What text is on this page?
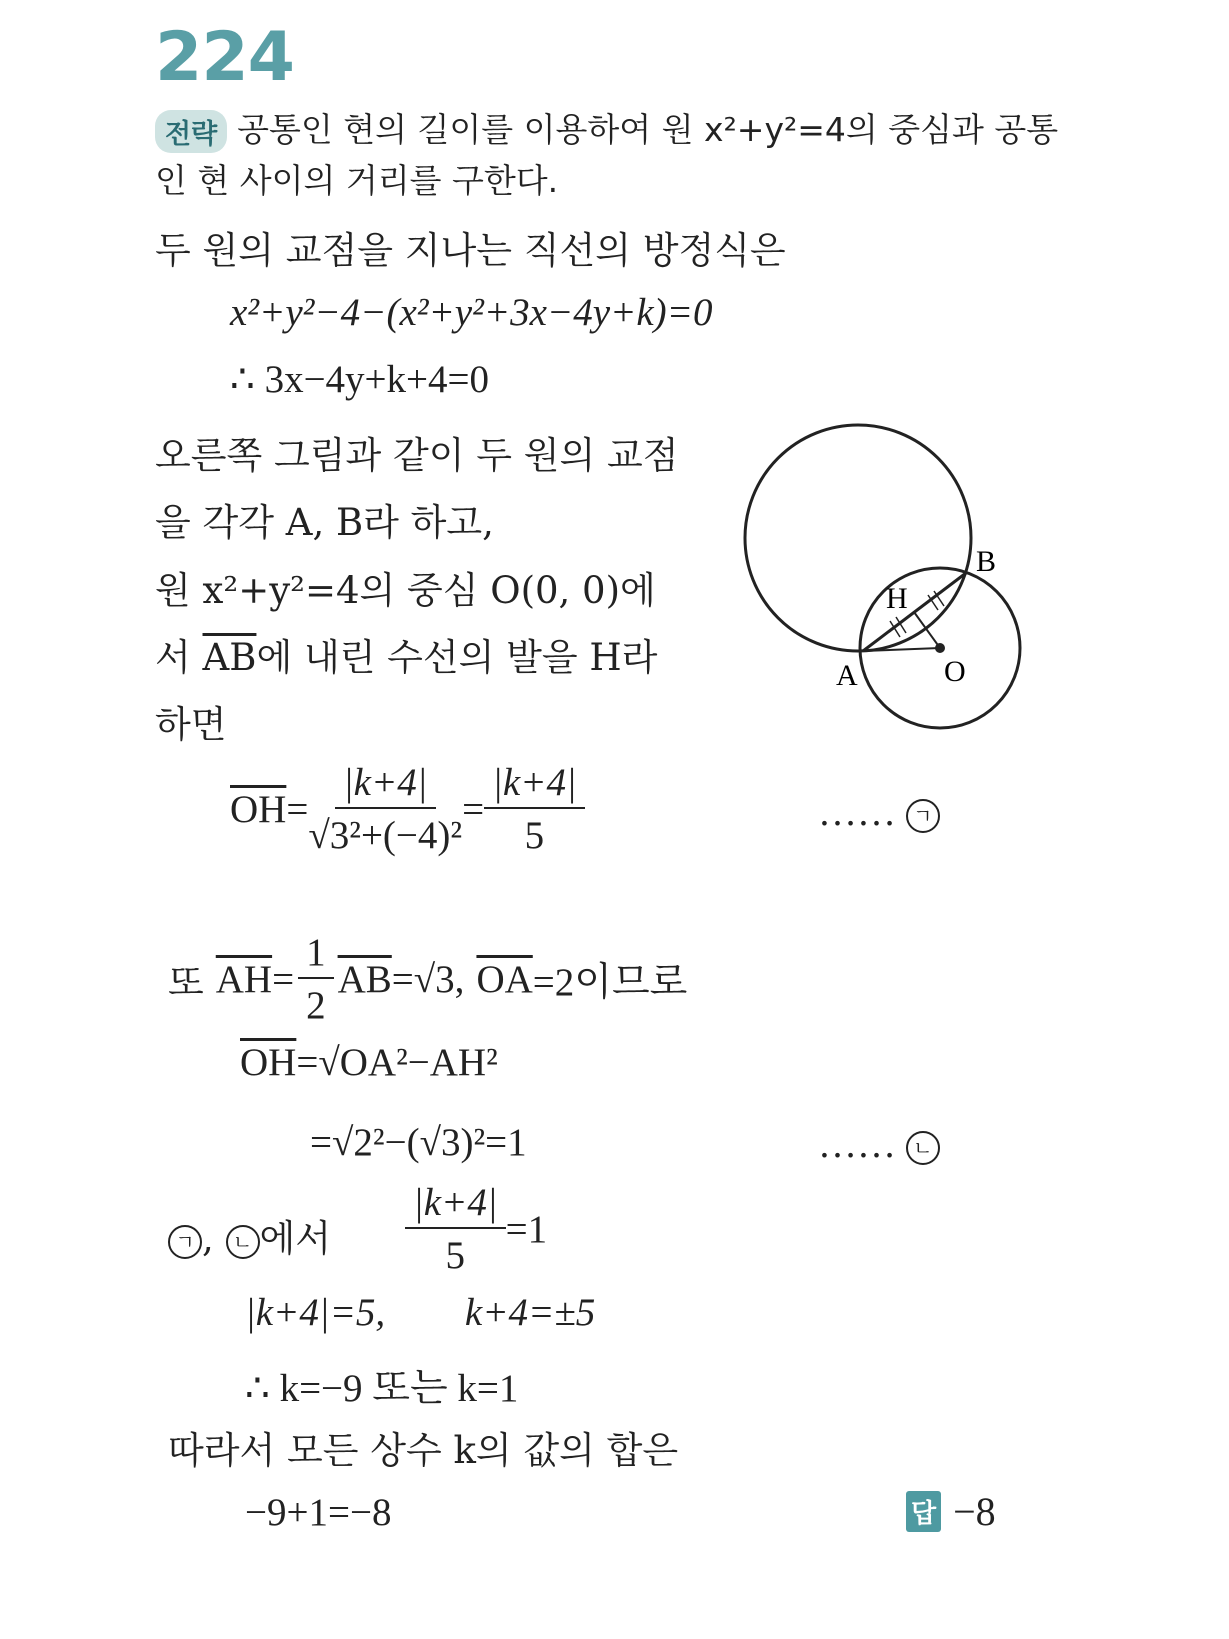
224
전략 공통인 현의 길이를 이용하여 원 x²+y²=4의 중심과 공통
인 현 사이의 거리를 구한다.
두 원의 교점을 지나는 직선의 방정식은
x²+y²−4−(x²+y²+3x−4y+k)=0
∴ 3x−4y+k+4=0
오른쪽 그림과 같이 두 원의 교점
을 각각 A, B라 하고,
원 x²+y²=4의 중심 O(0, 0)에
서 $\overline{AB}$에 내린 수선의 발을 H라
하면
B
H
A	O
$\overline{OH} = \frac{|k+4|}{\text{√3²+(−4)²}} = \frac{|k+4|}{5}$	…… ㄱ
또 $\overline{AH} = \frac{1}{2} \overline{AB} =√3$, $\overline{OA} =2$이므로
$\overline{OH}=√OA^2-AH^2$
=√2²−(√3)²=1	…… ㄴ
ㄱ , ㄴ 에서 $\frac{|k+4|}{5} =1$
|k+4|=5, k+4=±5
∴ k=−9 또는 k=1
따라서 모든 상수 k의 값의 합은
−9+1=−8	답 −8
